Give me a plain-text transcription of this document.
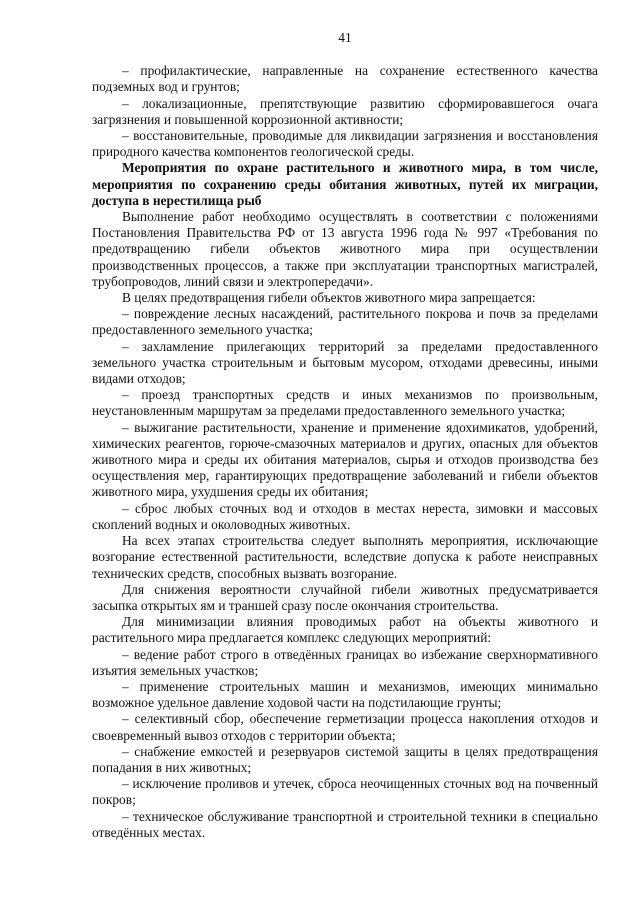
41

– профилактические, направленные на сохранение естественного качества подземных вод и грунтов;

– локализационные, препятствующие развитию сформировавшегося очага загрязнения и повышенной коррозионной активности;

– восстановительные, проводимые для ликвидации загрязнения и восстановления природного качества компонентов геологической среды.

Мероприятия по охране растительного и животного мира, в том числе, мероприятия по сохранению среды обитания животных, путей их миграции, доступа в нерестилища рыб

Выполнение работ необходимо осуществлять в соответствии с положениями Постановления Правительства РФ от 13 августа 1996 года № 997 «Требования по предотвращению гибели объектов животного мира при осуществлении производственных процессов, а также при эксплуатации транспортных магистралей, трубопроводов, линий связи и электропередачи».

В целях предотвращения гибели объектов животного мира запрещается:

– повреждение лесных насаждений, растительного покрова и почв за пределами предоставленного земельного участка;

– захламление прилегающих территорий за пределами предоставленного земельного участка строительным и бытовым мусором, отходами древесины, иными видами отходов;

– проезд транспортных средств и иных механизмов по произвольным, неустановленным маршрутам за пределами предоставленного земельного участка;

– выжигание растительности, хранение и применение ядохимикатов, удобрений, химических реагентов, горюче-смазочных материалов и других, опасных для объектов животного мира и среды их обитания материалов, сырья и отходов производства без осуществления мер, гарантирующих предотвращение заболеваний и гибели объектов животного мира, ухудшения среды их обитания;

– сброс любых сточных вод и отходов в местах нереста, зимовки и массовых скоплений водных и околоводных животных.

На всех этапах строительства следует выполнять мероприятия, исключающие возгорание естественной растительности, вследствие допуска к работе неисправных технических средств, способных вызвать возгорание.

Для снижения вероятности случайной гибели животных предусматривается засыпка открытых ям и траншей сразу после окончания строительства.

Для минимизации влияния проводимых работ на объекты животного и растительного мира предлагается комплекс следующих мероприятий:

– ведение работ строго в отведённых границах во избежание сверхнормативного изъятия земельных участков;

– применение строительных машин и механизмов, имеющих минимально возможное удельное давление ходовой части на подстилающие грунты;

– селективный сбор, обеспечение герметизации процесса накопления отходов и своевременный вывоз отходов с территории объекта;

– снабжение емкостей и резервуаров системой защиты в целях предотвращения попадания в них животных;

– исключение проливов и утечек, сброса неочищенных сточных вод на почвенный покров;

– техническое обслуживание транспортной и строительной техники в специально отведённых местах.
